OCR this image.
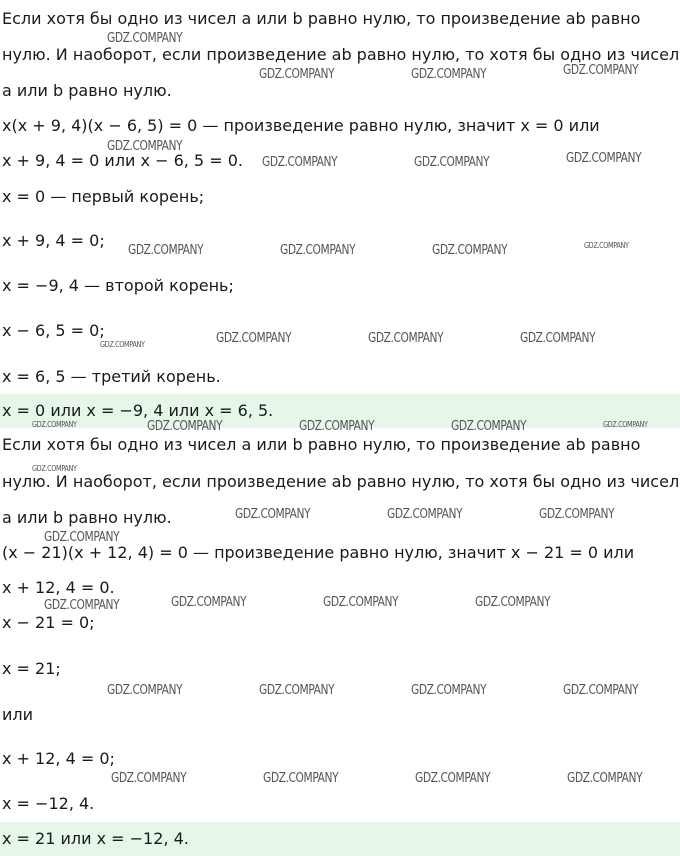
Если хотя бы одно из чисел a или b равно нулю, то произведение ab равно
нулю. И наоборот, если произведение ab равно нулю, то хотя бы одно из чисел
a или b равно нулю.
x(x + 9, 4)(x − 6, 5) = 0 — произведение равно нулю, значит x = 0 или
x + 9, 4 = 0 или x − 6, 5 = 0.
x = 0 — первый корень;
x + 9, 4 = 0;
x = −9, 4 — второй корень;
x − 6, 5 = 0;
x = 6, 5 — третий корень.
x = 0 или x = −9, 4 или x = 6, 5.
Если хотя бы одно из чисел a или b равно нулю, то произведение ab равно
нулю. И наоборот, если произведение ab равно нулю, то хотя бы одно из чисел
a или b равно нулю.
(x − 21)(x + 12, 4) = 0 — произведение равно нулю, значит x − 21 = 0 или
x + 12, 4 = 0.
x − 21 = 0;
x = 21;
или
x + 12, 4 = 0;
x = −12, 4.
x = 21 или x = −12, 4.
GDZ.COMPANY
GDZ.COMPANY	GDZ.COMPANY	GDZ.COMPANY
GDZ.COMPANY
GDZ.COMPANY	GDZ.COMPANY	GDZ.COMPANY
GDZ.COMPANY	GDZ.COMPANY	GDZ.COMPANY	GDZ.COMPANY
GDZ.COMPANY	GDZ.COMPANY	GDZ.COMPANY	GDZ.COMPANY
GDZ.COMPANY	GDZ.COMPANY	GDZ.COMPANY	GDZ.COMPANY	GDZ.COMPANY
GDZ.COMPANY
GDZ.COMPANY	GDZ.COMPANY	GDZ.COMPANY
GDZ.COMPANY
GDZ.COMPANY	GDZ.COMPANY	GDZ.COMPANY	GDZ.COMPANY
GDZ.COMPANY	GDZ.COMPANY	GDZ.COMPANY	GDZ.COMPANY
GDZ.COMPANY	GDZ.COMPANY	GDZ.COMPANY	GDZ.COMPANY
